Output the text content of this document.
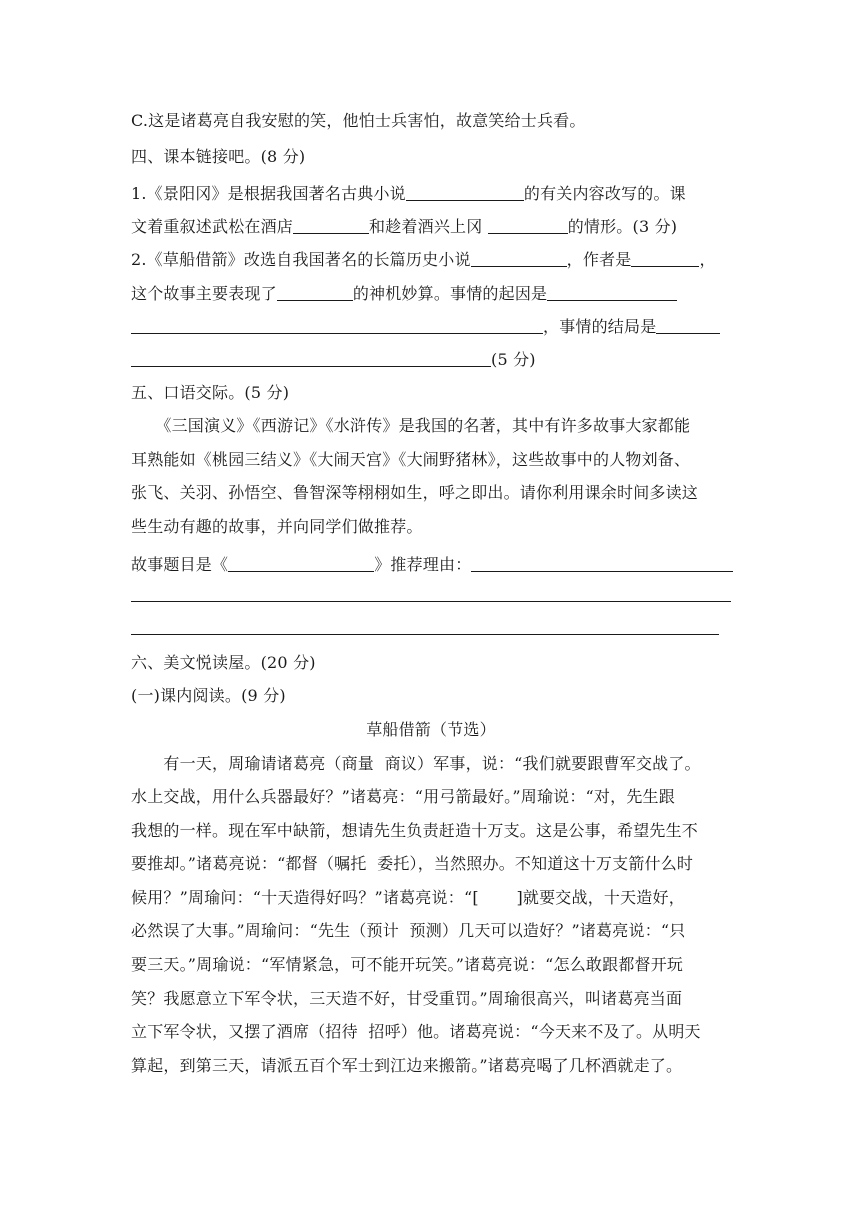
C.这是诸葛亮自我安慰的笑，他怕士兵害怕，故意笑给士兵看。
四、课本链接吧。(8 分)
1.《景阳冈》是根据我国著名古典小说	的有关内容改写的。课
文着重叙述武松在酒店	和趁着酒兴上冈	的情形。(3 分)
2.《草船借箭》改选自我国著名的长篇历史小说	，作者是	，
这个故事主要表现了	的神机妙算。事情的起因是
，事情的结局是
(5 分)
五、口语交际。(5 分)
　　《三国演义》《西游记》《水浒传》是我国的名著，其中有许多故事大家都能
耳熟能如《桃园三结义》《大闹天宫》《大闹野猪林》，这些故事中的人物刘备、
张飞、关羽、孙悟空、鲁智深等栩栩如生，呼之即出。请你利用课余时间多读这
些生动有趣的故事，并向同学们做推荐。
故事题目是《	》推荐理由：
六、美文悦读屋。(20 分)
(一)课内阅读。(9 分)
草船借箭（节选）
　　有一天，周瑜请诸葛亮（商量  商议）军事，说：“我们就要跟曹军交战了。
水上交战，用什么兵器最好？”诸葛亮：“用弓箭最好。”周瑜说：“对，先生跟
我想的一样。现在军中缺箭，想请先生负责赶造十万支。这是公事，希望先生不
要推却。”诸葛亮说：“都督（嘱托  委托），当然照办。不知道这十万支箭什么时
候用？”周瑜问：“十天造得好吗？”诸葛亮说：“[　　 ]就要交战，十天造好，
必然误了大事。”周瑜问：“先生（预计  预测）几天可以造好？”诸葛亮说：“只
要三天。”周瑜说：“军情紧急，可不能开玩笑。”诸葛亮说：“怎么敢跟都督开玩
笑？我愿意立下军令状，三天造不好，甘受重罚。”周瑜很高兴，叫诸葛亮当面
立下军令状，又摆了酒席（招待  招呼）他。诸葛亮说：“今天来不及了。从明天
算起，到第三天，请派五百个军士到江边来搬箭。”诸葛亮喝了几杯酒就走了。
